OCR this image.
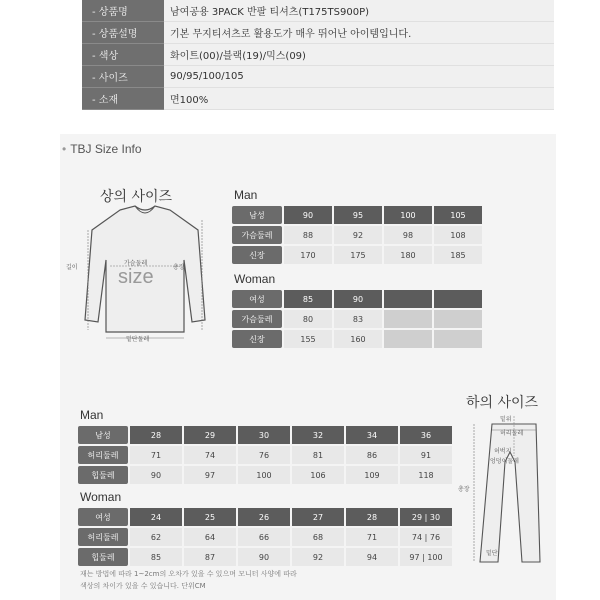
- 상품명	남여공용 3PACK 반팔 티셔츠(T175TS900P)
- 상품설명	기본 무지티셔츠로 활용도가 매우 뛰어난 아이템입니다.
- 색상	화이트(00)/블랙(19)/믹스(09)
- 사이즈	90/95/100/105
- 소재	면100%
• TBJ Size Info
상의 사이즈
가슴둘레
size
길이	총장
밑단둘레
Man
남성	90	95	100	105
가슴둘레	88	92	98	108
신장	170	175	180	185
Woman
여성	85	90
가슴둘레	80	83
신장	155	160
하의 사이즈
Man
남성	28	29	30	32	34	36
허리둘레	71	74	76	81	86	91
힙둘레	90	97	100	106	109	118
Woman
여성	24	25	26	27	28	29 | 30
허리둘레	62	64	66	68	71	74 | 76
힙둘레	85	87	90	92	94	97 | 100
밑위
허리둘레
허벅지
엉덩이둘레
총장
밑단
재는 방법에 따라 1~2cm의 오차가 있을 수 있으며 모니터 사양에 따라
색상의 차이가 있을 수 있습니다. 단위CM
